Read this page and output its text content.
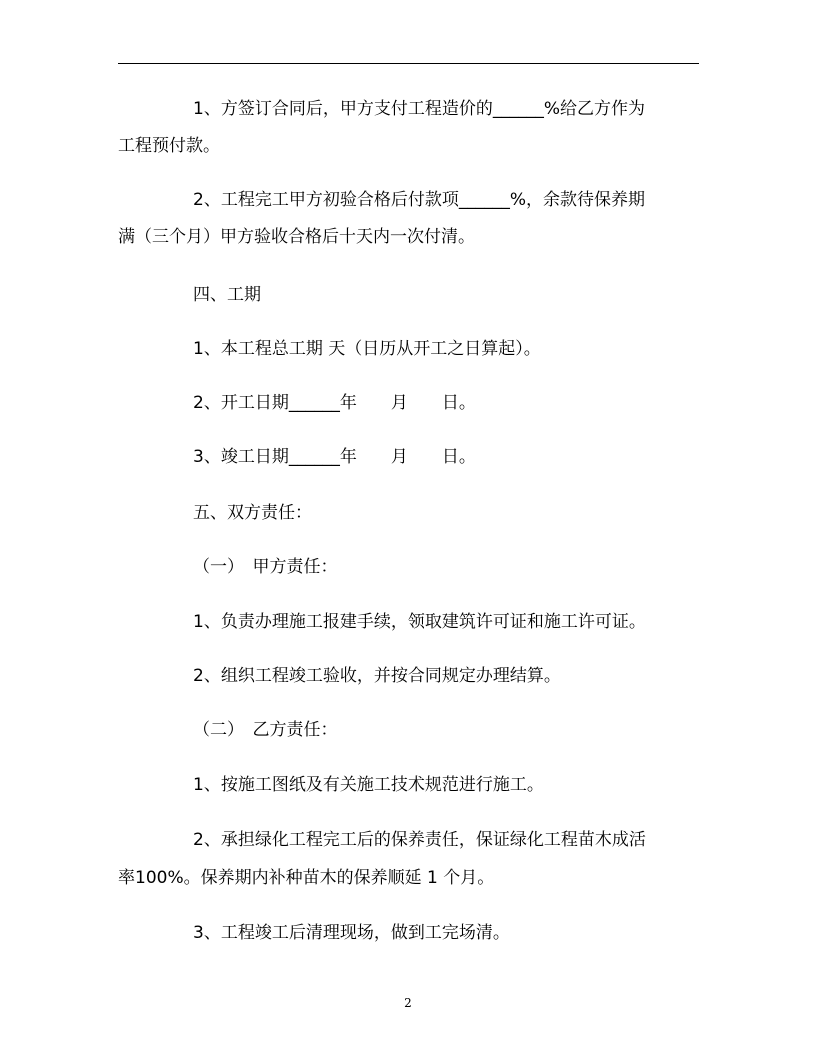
1、方签订合同后，甲方支付工程造价的______%给乙方作为
工程预付款。
2、工程完工甲方初验合格后付款项______%，余款待保养期
满（三个月）甲方验收合格后十天内一次付清。
四、工期
1、本工程总工期 天（日历从开工之日算起）。
2、开工日期______年　　月　　日。
3、竣工日期______年　　月　　日。
五、双方责任：
（一）　甲方责任：
1、负责办理施工报建手续，领取建筑许可证和施工许可证。
2、组织工程竣工验收，并按合同规定办理结算。
（二）　乙方责任：
1、按施工图纸及有关施工技术规范进行施工。
2、承担绿化工程完工后的保养责任，保证绿化工程苗木成活
率100%。保养期内补种苗木的保养顺延 1 个月。
3、工程竣工后清理现场，做到工完场清。
2
